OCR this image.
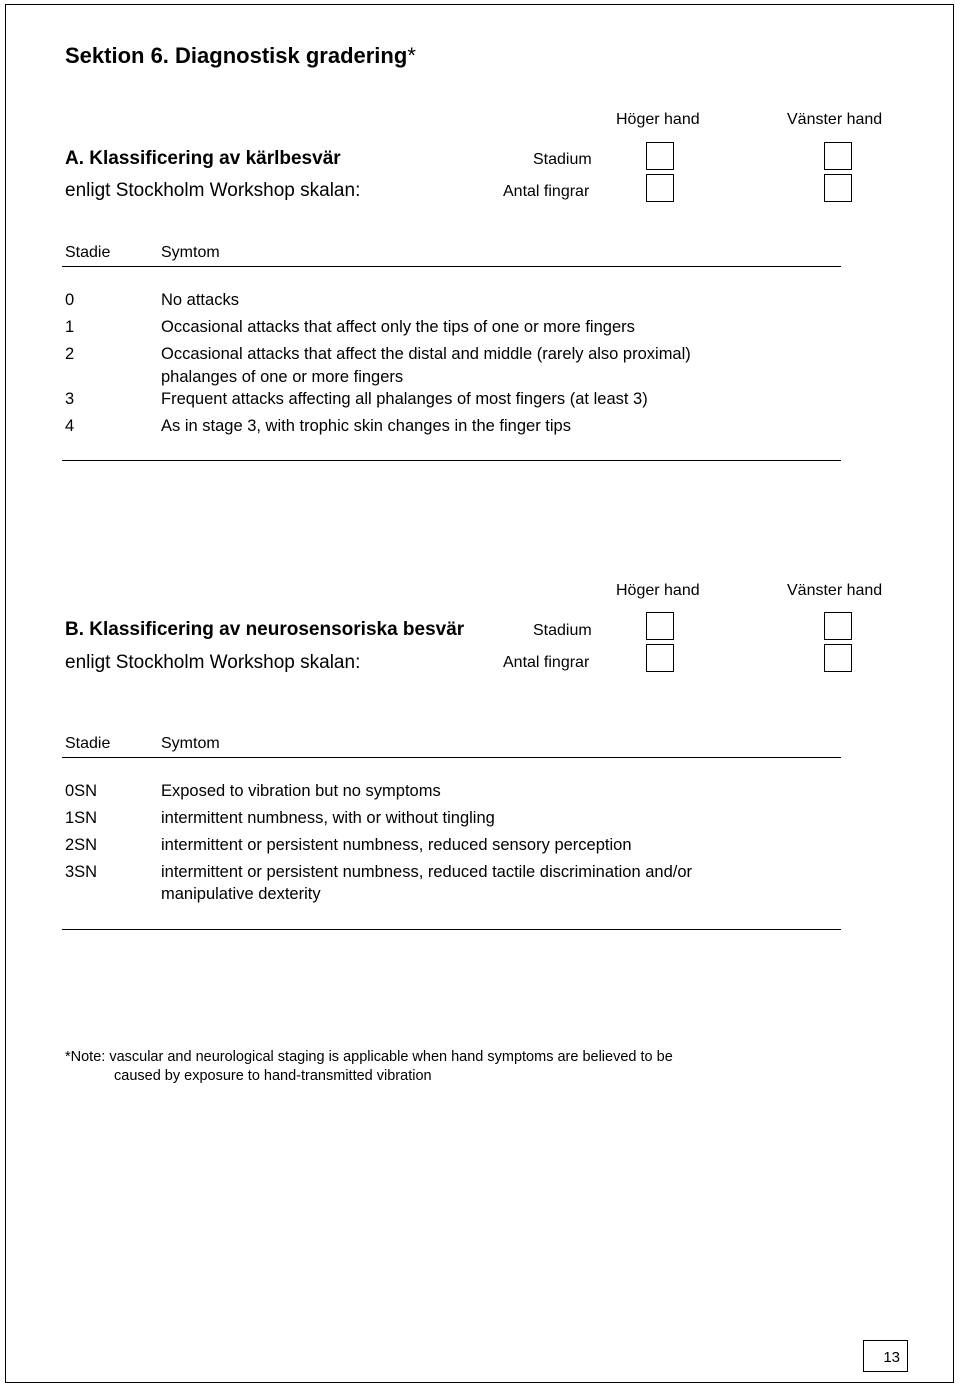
Sektion 6. Diagnostisk gradering*
Höger hand	Vänster hand
A. Klassificering av kärlbesvär
enligt Stockholm Workshop skalan:
Stadium
Antal fingrar
Stadie	Symtom
0	No attacks
1	Occasional attacks that affect only the tips of one or more fingers
2	Occasional attacks that affect the distal and middle (rarely also proximal)
phalanges of one or more fingers
3	Frequent attacks affecting all phalanges of most fingers (at least 3)
4	As in stage 3, with trophic skin changes in the finger tips
Höger hand	Vänster hand
B. Klassificering av neurosensoriska besvär
enligt Stockholm Workshop skalan:
Stadium
Antal fingrar
Stadie	Symtom
0SN	Exposed to vibration but no symptoms
1SN	intermittent numbness, with or without tingling
2SN	intermittent or persistent numbness, reduced sensory perception
3SN	intermittent or persistent numbness, reduced tactile discrimination and/or
manipulative dexterity
*Note: vascular and neurological staging is applicable when hand symptoms are believed to be
caused by exposure to hand-transmitted vibration
13
